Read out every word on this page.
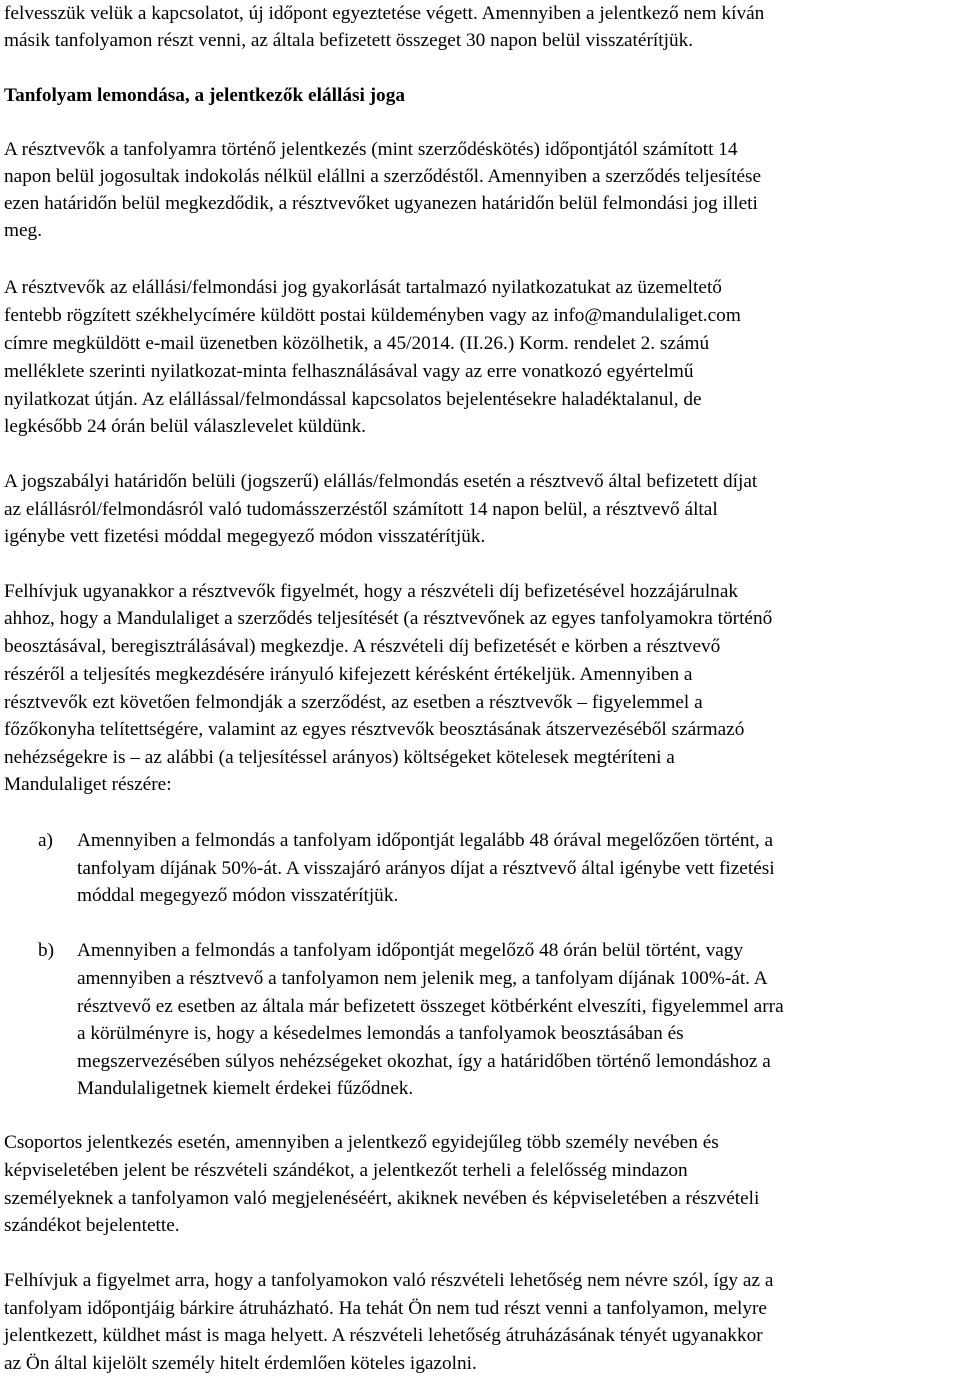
felvesszük velük a kapcsolatot, új időpont egyeztetése végett. Amennyiben a jelentkező nem kíván
másik tanfolyamon részt venni, az általa befizetett összeget 30 napon belül visszatérítjük.
Tanfolyam lemondása, a jelentkezők elállási joga
A résztvevők a tanfolyamra történő jelentkezés (mint szerződéskötés) időpontjától számított 14
napon belül jogosultak indokolás nélkül elállni a szerződéstől. Amennyiben a szerződés teljesítése
ezen határidőn belül megkezdődik, a résztvevőket ugyanezen határidőn belül felmondási jog illeti
meg.
A résztvevők az elállási/felmondási jog gyakorlását tartalmazó nyilatkozatukat az üzemeltető
fentebb rögzített székhelycímére küldött postai küldeményben vagy az info@mandulaliget.com
címre megküldött e-mail üzenetben közölhetik, a 45/2014. (II.26.) Korm. rendelet 2. számú
melléklete szerinti nyilatkozat-minta felhasználásával vagy az erre vonatkozó egyértelmű
nyilatkozat útján. Az elállással/felmondással kapcsolatos bejelentésekre haladéktalanul, de
legkésőbb 24 órán belül válaszlevelet küldünk.
A jogszabályi határidőn belüli (jogszerű) elállás/felmondás esetén a résztvevő által befizetett díjat
az elállásról/felmondásról való tudomásszerzéstől számított 14 napon belül, a résztvevő által
igénybe vett fizetési móddal megegyező módon visszatérítjük.
Felhívjuk ugyanakkor a résztvevők figyelmét, hogy a részvételi díj befizetésével hozzájárulnak
ahhoz, hogy a Mandulaliget a szerződés teljesítését (a résztvevőnek az egyes tanfolyamokra történő
beosztásával, beregisztrálásával) megkezdje. A részvételi díj befizetését e körben a résztvevő
részéről a teljesítés megkezdésére irányuló kifejezett kérésként értékeljük. Amennyiben a
résztvevők ezt követően felmondják a szerződést, az esetben a résztvevők – figyelemmel a
főzőkonyha telítettségére, valamint az egyes résztvevők beosztásának átszervezéséből származó
nehézségekre is – az alábbi (a teljesítéssel arányos) költségeket kötelesek megtéríteni a
Mandulaliget részére:
a) Amennyiben a felmondás a tanfolyam időpontját legalább 48 órával megelőzően történt, a
tanfolyam díjának 50%-át. A visszajáró arányos díjat a résztvevő által igénybe vett fizetési
móddal megegyező módon visszatérítjük.
b) Amennyiben a felmondás a tanfolyam időpontját megelőző 48 órán belül történt, vagy
amennyiben a résztvevő a tanfolyamon nem jelenik meg, a tanfolyam díjának 100%-át. A
résztvevő ez esetben az általa már befizetett összeget kötbérként elveszíti, figyelemmel arra
a körülményre is, hogy a késedelmes lemondás a tanfolyamok beosztásában és
megszervezésében súlyos nehézségeket okozhat, így a határidőben történő lemondáshoz a
Mandulaligetnek kiemelt érdekei fűződnek.
Csoportos jelentkezés esetén, amennyiben a jelentkező egyidejűleg több személy nevében és
képviseletében jelent be részvételi szándékot, a jelentkezőt terheli a felelősség mindazon
személyeknek a tanfolyamon való megjelenéséért, akiknek nevében és képviseletében a részvételi
szándékot bejelentette.
Felhívjuk a figyelmet arra, hogy a tanfolyamokon való részvételi lehetőség nem névre szól, így az a
tanfolyam időpontjáig bárkire átruházható. Ha tehát Ön nem tud részt venni a tanfolyamon, melyre
jelentkezett, küldhet mást is maga helyett. A részvételi lehetőség átruházásának tényét ugyanakkor
az Ön által kijelölt személy hitelt érdemlően köteles igazolni.
